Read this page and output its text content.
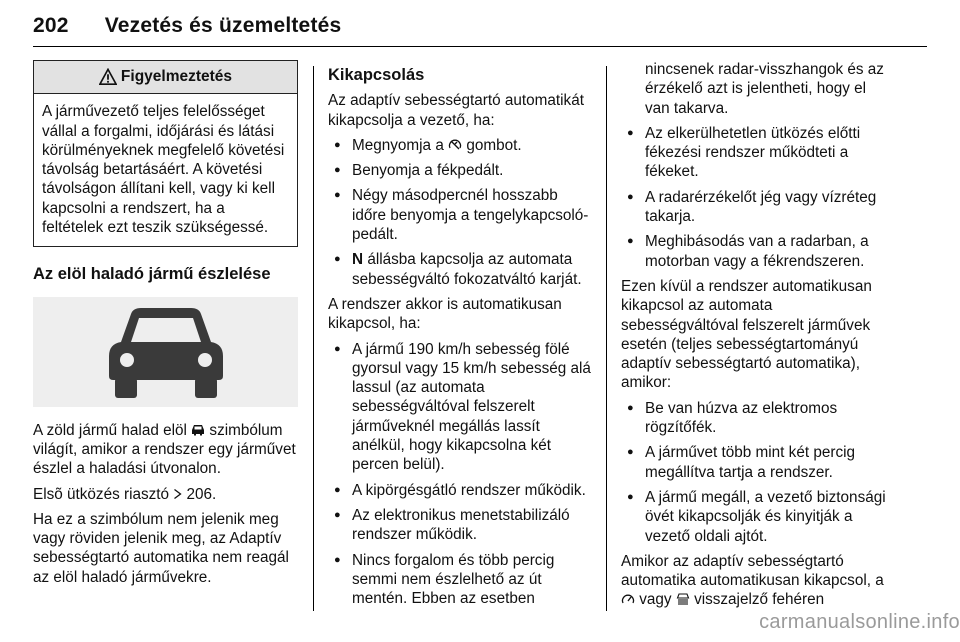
202 Vezetés és üzemeltetés
Figyelmeztetés
A járművezető teljes felelősséget vállal a forgalmi, időjárási és látási körülményeknek megfelelő követési távolság betartásáért. A követési távolságon állítani kell, vagy ki kell kapcsolni a rendszert, ha a feltételek ezt teszik szükségessé.
Az elöl haladó jármű észlelése

A zöld jármű halad elöl szimbólum világít, amikor a rendszer egy járművet észlel a haladási útvonalon.

Elsõ ütközés riasztó 206.

Ha ez a szimbólum nem jelenik meg vagy röviden jelenik meg, az Adaptív sebességtartó automatika nem reagál az elöl haladó járművekre.

Kikapcsolás

Az adaptív sebességtartó automatikát kikapcsolja a vezető, ha:

● Megnyomja a gombot.
● Benyomja a fékpedált.
● Négy másodpercnél hosszabb időre benyomja a tengelykapcsoló-pedált.
● N állásba kapcsolja az automata sebességváltó fokozatváltó karját.

A rendszer akkor is automatikusan kikapcsol, ha:

● A jármű 190 km/h sebesség fölé gyorsul vagy 15 km/h sebesség alá lassul (az automata sebességváltóval felszerelt járműveknél megállás lassít anélkül, hogy kikapcsolna két percen belül).
● A kipörgésgátló rendszer működik.
● Az elektronikus menetstabilizáló rendszer működik.
● Nincs forgalom és több percig semmi nem észlelhető az út mentén. Ebben az esetben
nincsenek radar-visszhangok és az érzékelő azt is jelentheti, hogy el van takarva.
● Az elkerülhetetlen ütközés előtti fékezési rendszer működteti a fékeket.
● A radarérzékelőt jég vagy vízréteg takarja.
● Meghibásodás van a radarban, a motorban vagy a fékrendszeren.

Ezen kívül a rendszer automatikusan kikapcsol az automata sebességváltóval felszerelt járművek esetén (teljes sebességtartományú adaptív sebességtartó automatika), amikor:

● Be van húzva az elektromos rögzítőfék.
● A járművet több mint két percig megállítva tartja a rendszer.
● A jármű megáll, a vezető biztonsági övét kikapcsolják és kinyitják a vezető oldali ajtót.

Amikor az adaptív sebességtartó automatika automatikusan kikapcsol, a  vagy visszajelző fehéren

carmanualsonline.info
